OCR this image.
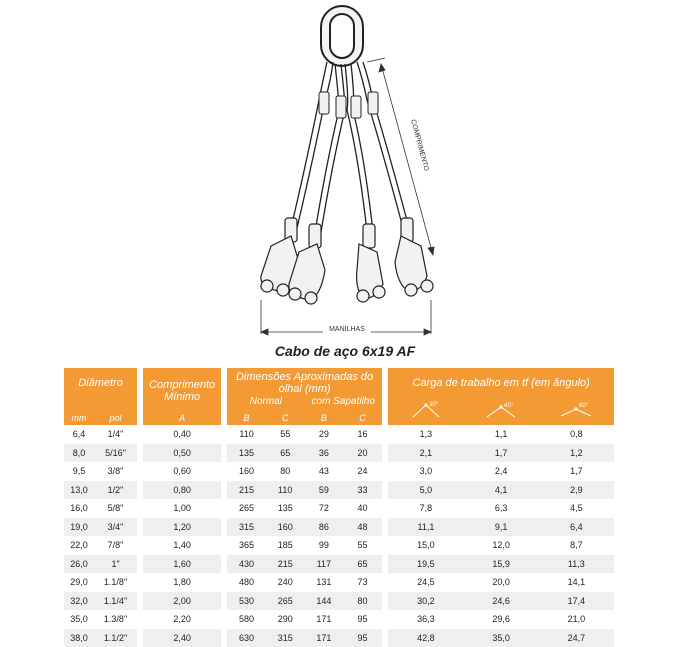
COMPRIMENTO
MANILHAS
Cabo de aço 6x19 AF
Diâmetro			Comprimento Mínimo		Dimensões Aproximadas do olhal (mm)					Carga de trabalho em tf (em ângulo)		
					Normal		com Sapatilho			30°	45°	60°

mm	pol		A		B	C	B	C				
6,4	1/4"		0,40		110	55	29	16		1,3	1,1	0,8
8,0	5/16"		0,50		135	65	36	20		2,1	1,7	1,2
9,5	3/8"		0,60		160	80	43	24		3,0	2,4	1,7
13,0	1/2"		0,80		215	110	59	33		5,0	4,1	2,9
16,0	5/8"		1,00		265	135	72	40		7,8	6,3	4,5
19,0	3/4"		1,20		315	160	86	48		11,1	9,1	6,4
22,0	7/8"		1,40		365	185	99	55		15,0	12,0	8,7
26,0	1"		1,60		430	215	117	65		19,5	15,9	11,3
29,0	1.1/8"		1,80		480	240	131	73		24,5	20,0	14,1
32,0	1.1/4"		2,00		530	265	144	80		30,2	24,6	17,4
35,0	1.3/8"		2,20		580	290	171	95		36,3	29,6	21,0
38,0	1.1/2"		2,40		630	315	171	95		42,8	35,0	24,7
